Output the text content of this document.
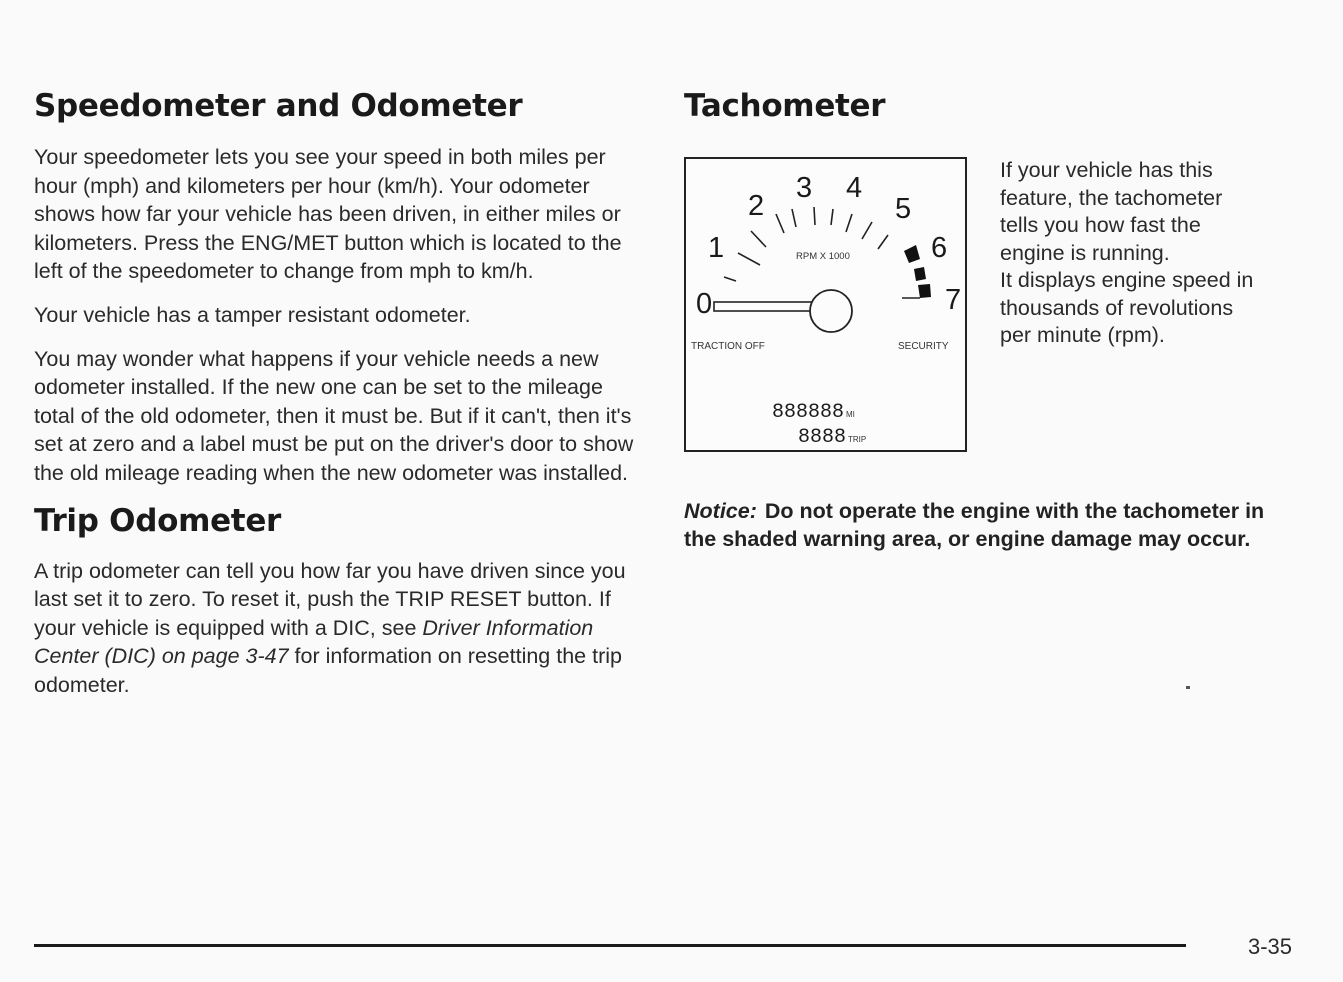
Speedometer and Odometer

Your speedometer lets you see your speed in both miles per hour (mph) and kilometers per hour (km/h). Your odometer shows how far your vehicle has been driven, in either miles or kilometers. Press the ENG/MET button which is located to the left of the speedometer to change from mph to km/h.

Your vehicle has a tamper resistant odometer.

You may wonder what happens if your vehicle needs a new odometer installed. If the new one can be set to the mileage total of the old odometer, then it must be. But if it can't, then it's set at zero and a label must be put on the driver's door to show the old mileage reading when the new odometer was installed.

Trip Odometer

A trip odometer can tell you how far you have driven since you last set it to zero. To reset it, push the TRIP RESET button. If your vehicle is equipped with a DIC, see Driver Information Center (DIC) on page 3-47 for information on resetting the trip odometer.

Tachometer
0
1
2
3 4
5
6
7
RPM X 1000
TRACTION OFF	SECURITY
888888 MI
8888 TRIP
If your vehicle has this
feature, the tachometer
tells you how fast the
engine is running.
It displays engine speed in
thousands of revolutions
per minute (rpm).
Notice: Do not operate the engine with the tachometer in the shaded warning area, or engine damage may occur.
3-35
